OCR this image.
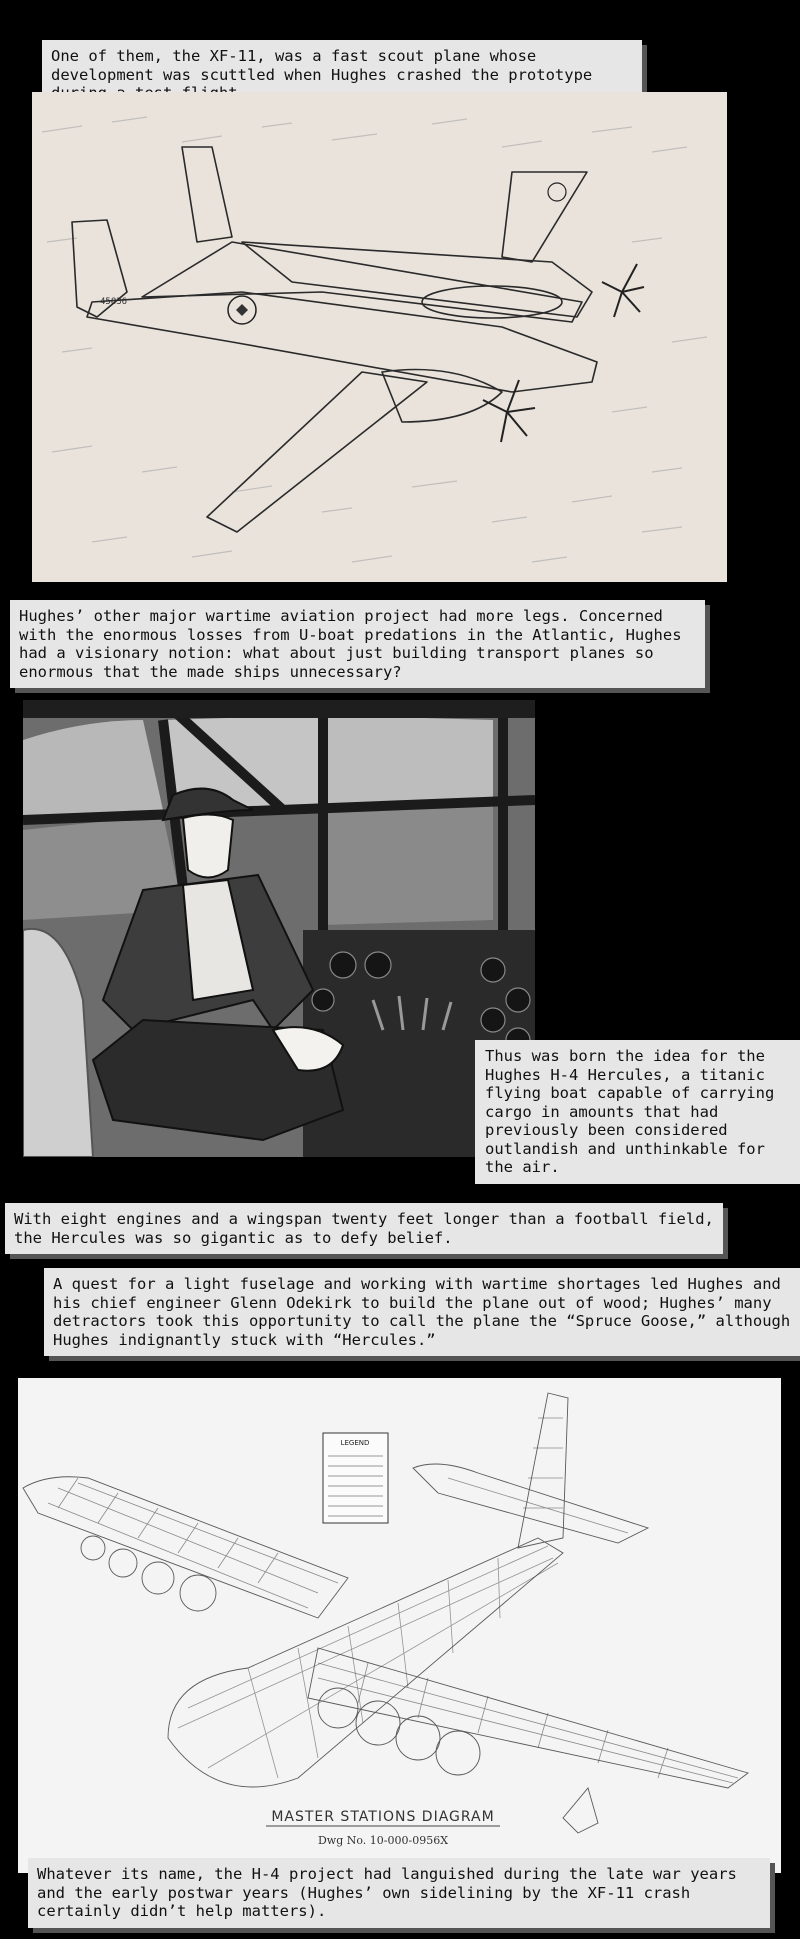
One of them, the XF-11, was a fast scout plane whose development was scuttled when Hughes crashed the prototype
45836
Hughes’ other major wartime aviation project had more legs. Concerned with the enormous losses from U-boat predations in the Atlantic, Hughes had a visionary notion: what about just building transport planes so enormous that the made ships unnecessary?
Thus was born the idea for the Hughes H-4 Hercules, a titanic flying boat capable of carrying cargo in amounts that had previously been considered outlandish and unthinkable for the air.
With eight engines and a wingspan twenty feet longer than a football field, the Hercules was so gigantic as to defy belief.
A quest for a light fuselage and working with wartime shortages led Hughes and his chief engineer Glenn Odekirk to build the plane out of wood; Hughes’ many detractors took this opportunity to call the plane the “Spruce Goose,” although Hughes indignantly stuck with “Hercules.”
LEGEND
MASTER STATIONS DIAGRAM
Dwg No. 10-000-0956X
Whatever its name, the H-4 project had languished during the late war years and the early postwar years (Hughes’ own sidelining by the XF-11 crash certainly didn’t help matters).
